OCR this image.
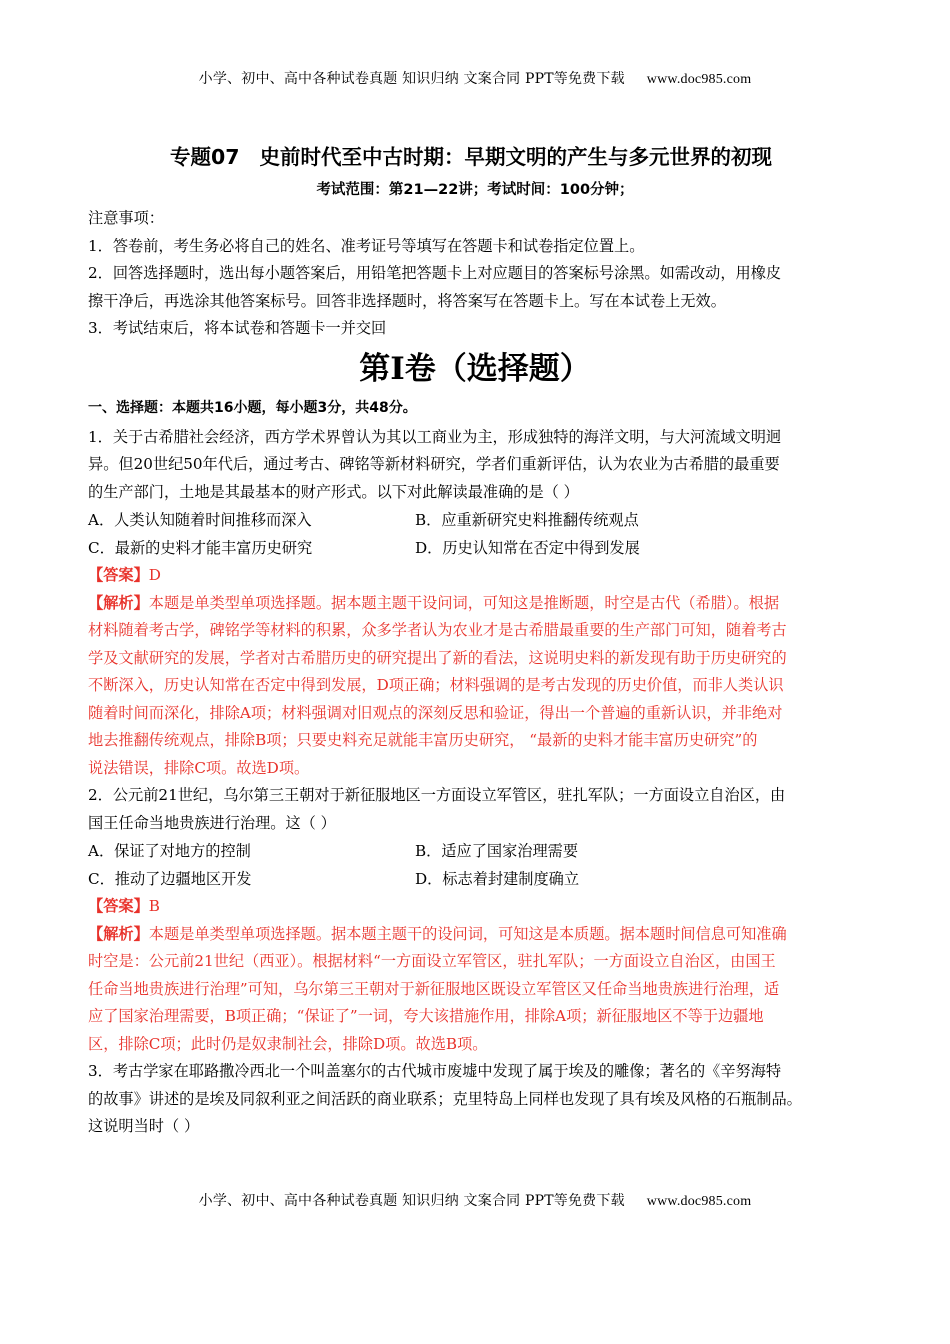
小学、初中、高中各种试卷真题 知识归纳 文案合同 PPT等免费下载 www.doc985.com
专题07 史前时代至中古时期：早期文明的产生与多元世界的初现
考试范围：第21—22讲；考试时间：100分钟；
注意事项：
1．答卷前，考生务必将自己的姓名、准考证号等填写在答题卡和试卷指定位置上。
2．回答选择题时，选出每小题答案后，用铅笔把答题卡上对应题目的答案标号涂黑。如需改动，用橡皮
擦干净后，再选涂其他答案标号。回答非选择题时，将答案写在答题卡上。写在本试卷上无效。
3．考试结束后，将本试卷和答题卡一并交回
第I卷（选择题）
一、选择题：本题共16小题，每小题3分，共48分。
1．关于古希腊社会经济，西方学术界曾认为其以工商业为主，形成独特的海洋文明，与大河流域文明迥
异。但20世纪50年代后，通过考古、碑铭等新材料研究，学者们重新评估，认为农业为古希腊的最重要
的生产部门，土地是其最基本的财产形式。以下对此解读最准确的是（ ）
A．人类认知随着时间推移而深入	B．应重新研究史料推翻传统观点
C．最新的史料才能丰富历史研究	D．历史认知常在否定中得到发展
【答案】D
【解析】本题是单类型单项选择题。据本题主题干设问词，可知这是推断题，时空是古代（希腊）。根据
材料随着考古学，碑铭学等材料的积累，众多学者认为农业才是古希腊最重要的生产部门可知，随着考古
学及文献研究的发展，学者对古希腊历史的研究提出了新的看法，这说明史料的新发现有助于历史研究的
不断深入，历史认知常在否定中得到发展，D项正确；材料强调的是考古发现的历史价值，而非人类认识
随着时间而深化，排除A项；材料强调对旧观点的深刻反思和验证，得出一个普遍的重新认识，并非绝对
地去推翻传统观点，排除B项；只要史料充足就能丰富历史研究， “最新的史料才能丰富历史研究”的
说法错误，排除C项。故选D项。
2．公元前21世纪，乌尔第三王朝对于新征服地区一方面设立军管区，驻扎军队；一方面设立自治区，由
国王任命当地贵族进行治理。这（ ）
A．保证了对地方的控制	B．适应了国家治理需要
C．推动了边疆地区开发	D．标志着封建制度确立
【答案】B
【解析】本题是单类型单项选择题。据本题主题干的设问词，可知这是本质题。据本题时间信息可知准确
时空是：公元前21世纪（西亚）。根据材料“一方面设立军管区，驻扎军队；一方面设立自治区，由国王
任命当地贵族进行治理”可知，乌尔第三王朝对于新征服地区既设立军管区又任命当地贵族进行治理，适
应了国家治理需要，B项正确；“保证了”一词，夸大该措施作用，排除A项；新征服地区不等于边疆地
区，排除C项；此时仍是奴隶制社会，排除D项。故选B项。
3．考古学家在耶路撒冷西北一个叫盖塞尔的古代城市废墟中发现了属于埃及的雕像；著名的《辛努海特
的故事》讲述的是埃及同叙利亚之间活跃的商业联系；克里特岛上同样也发现了具有埃及风格的石瓶制品。
这说明当时（ ）
小学、初中、高中各种试卷真题 知识归纳 文案合同 PPT等免费下载 www.doc985.com
